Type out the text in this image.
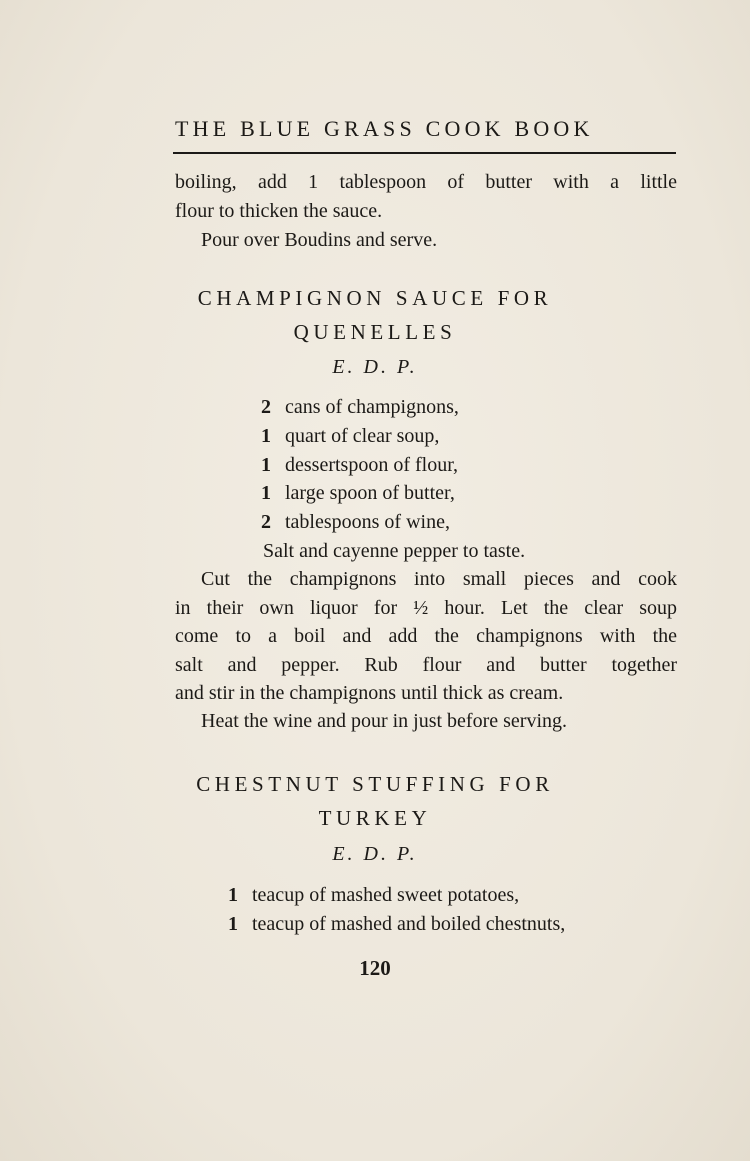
THE BLUE GRASS COOK BOOK
boiling, add 1 tablespoon of butter with a little
flour to thicken the sauce.
Pour over Boudins and serve.
CHAMPIGNON SAUCE FOR
QUENELLES
E. D. P.
2 cans of champignons,
1 quart of clear soup,
1 dessertspoon of flour,
1 large spoon of butter,
2 tablespoons of wine,
Salt and cayenne pepper to taste.
Cut the champignons into small pieces and cook
in their own liquor for ½ hour. Let the clear soup
come to a boil and add the champignons with the
salt and pepper. Rub flour and butter together
and stir in the champignons until thick as cream.
Heat the wine and pour in just before serving.
CHESTNUT STUFFING FOR
TURKEY
E. D. P.
1 teacup of mashed sweet potatoes,
1 teacup of mashed and boiled chestnuts,
120
